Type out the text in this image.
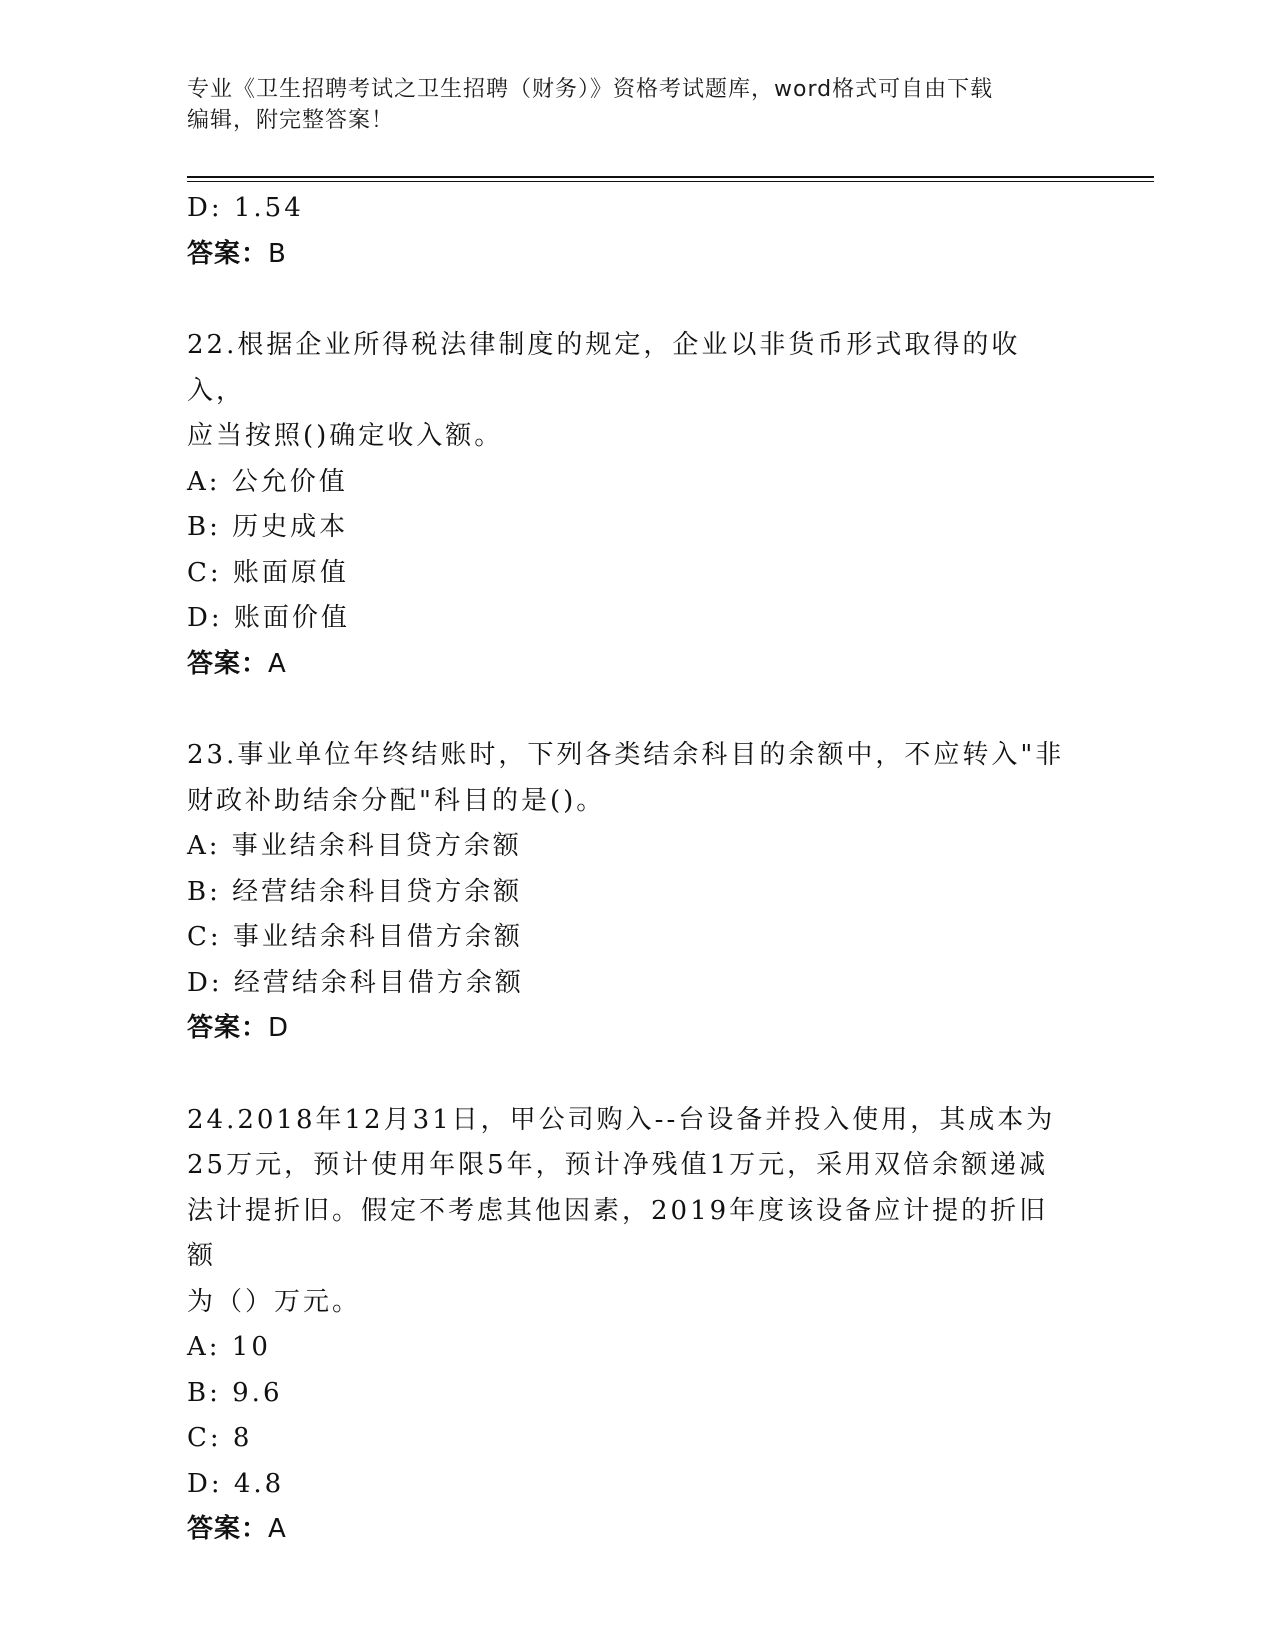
专业《卫生招聘考试之卫生招聘（财务）》资格考试题库，word格式可自由下载
编辑，附完整答案！
D: 1.54
答案：B
22.根据企业所得税法律制度的规定，企业以非货币形式取得的收入，
应当按照()确定收入额。
A: 公允价值
B: 历史成本
C: 账面原值
D: 账面价值
答案：A
23.事业单位年终结账时，下列各类结余科目的余额中，不应转入"非
财政补助结余分配"科目的是()。
A: 事业结余科目贷方余额
B: 经营结余科目贷方余额
C: 事业结余科目借方余额
D: 经营结余科目借方余额
答案：D
24.2018年12月31日，甲公司购入--台设备并投入使用，其成本为
25万元，预计使用年限5年，预计净残值1万元，采用双倍余额递减
法计提折旧。假定不考虑其他因素，2019年度该设备应计提的折旧额
为（）万元。
A: 10
B: 9.6
C: 8
D: 4.8
答案：A
